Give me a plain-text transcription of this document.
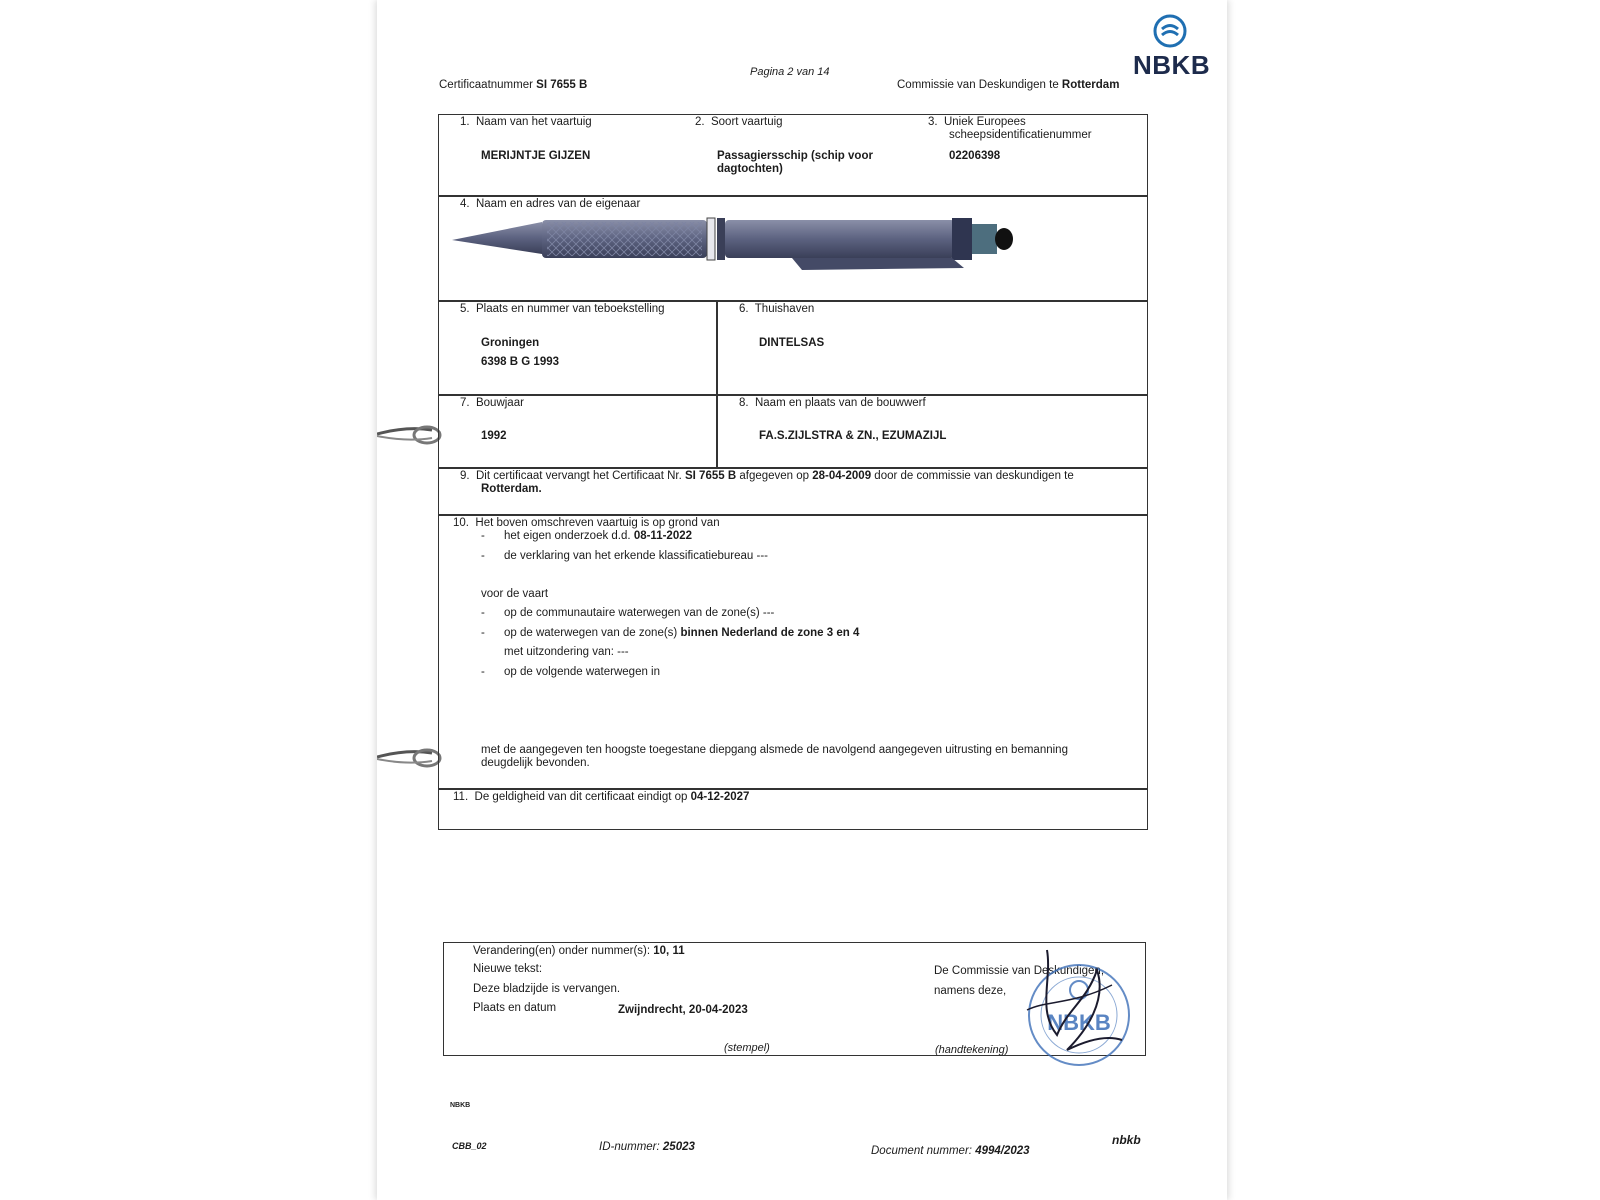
NBKB
Pagina 2 van 14
Certificaatnummer SI 7655 B	Commissie van Deskundigen te Rotterdam
1. Naam van het vaartuig
MERIJNTJE GIJZEN
2. Soort vaartuig
Passagiersschip (schip voor
dagtochten)
3. Uniek Europees
scheepsidentificatienummer
02206398
4. Naam en adres van de eigenaar
5. Plaats en nummer van teboekstelling
Groningen
6398 B G 1993
6. Thuishaven
DINTELSAS
7. Bouwjaar
1992
8. Naam en plaats van de bouwwerf
FA.S.ZIJLSTRA & ZN., EZUMAZIJL
9. Dit certificaat vervangt het Certificaat Nr. SI 7655 B afgegeven op 28-04-2009 door de commissie van deskundigen te
Rotterdam.
10. Het boven omschreven vaartuig is op grond van
- het eigen onderzoek d.d. 08-11-2022
- de verklaring van het erkende klassificatiebureau ---
voor de vaart
- op de communautaire waterwegen van de zone(s) ---
- op de waterwegen van de zone(s) binnen Nederland de zone 3 en 4
met uitzondering van: ---
- op de volgende waterwegen in
met de aangegeven ten hoogste toegestane diepgang alsmede de navolgend aangegeven uitrusting en bemanning
deugdelijk bevonden.
11. De geldigheid van dit certificaat eindigt op 04-12-2027
Verandering(en) onder nummer(s): 10, 11
Nieuwe tekst:
Deze bladzijde is vervangen.
Plaats en datum	Zwijndrecht, 20-04-2023
De Commissie van Deskundigen,
namens deze,
(stempel)	(handtekening)
NBKB
NBKB
CBB_02	ID-nummer: 25023	Document nummer: 4994/2023
nbkb
